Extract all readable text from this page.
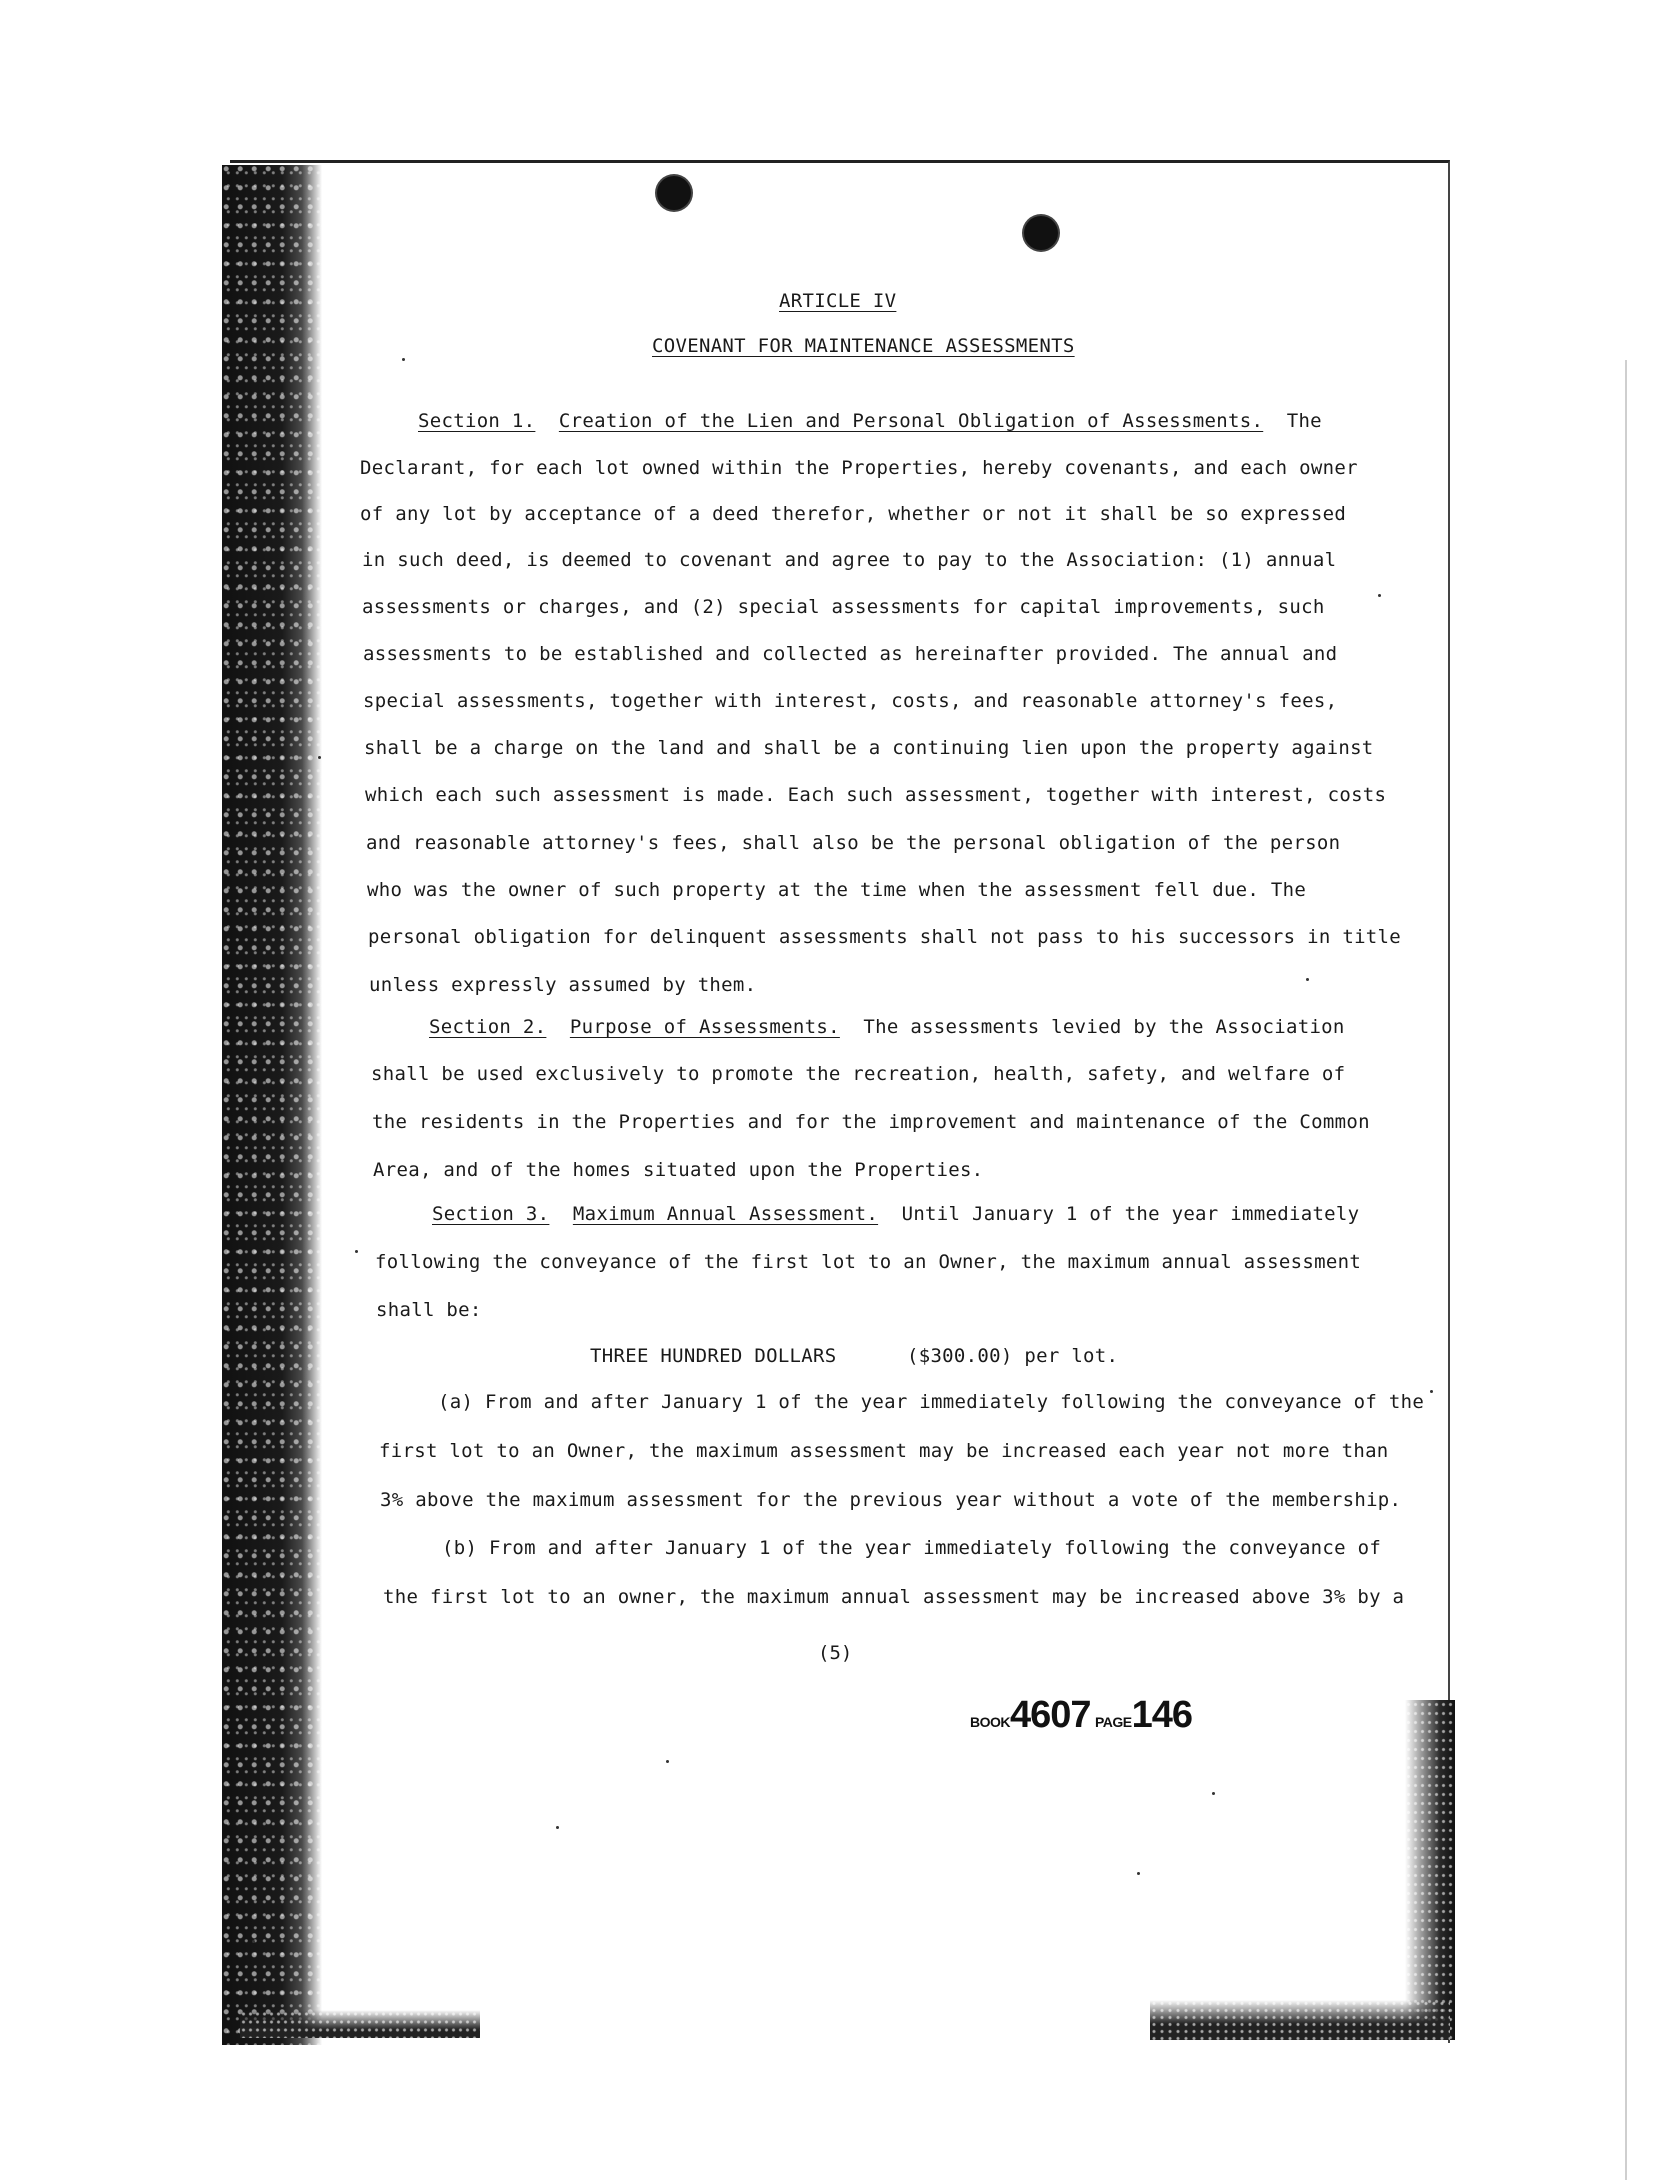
ARTICLE IV
COVENANT FOR MAINTENANCE ASSESSMENTS
Section 1. Creation of the Lien and Personal Obligation of Assessments. The
Declarant, for each lot owned within the Properties, hereby covenants, and each owner
of any lot by acceptance of a deed therefor, whether or not it shall be so expressed
in such deed, is deemed to covenant and agree to pay to the Association: (1) annual
assessments or charges, and (2) special assessments for capital improvements, such
assessments to be established and collected as hereinafter provided. The annual and
special assessments, together with interest, costs, and reasonable attorney's fees,
shall be a charge on the land and shall be a continuing lien upon the property against
which each such assessment is made. Each such assessment, together with interest, costs
and reasonable attorney's fees, shall also be the personal obligation of the person
who was the owner of such property at the time when the assessment fell due. The
personal obligation for delinquent assessments shall not pass to his successors in title
unless expressly assumed by them.
Section 2. Purpose of Assessments. The assessments levied by the Association
shall be used exclusively to promote the recreation, health, safety, and welfare of
the residents in the Properties and for the improvement and maintenance of the Common
Area, and of the homes situated upon the Properties.
Section 3. Maximum Annual Assessment. Until January 1 of the year immediately
following the conveyance of the first lot to an Owner, the maximum annual assessment
shall be:
THREE HUNDRED DOLLARS	($300.00) per lot.
(a) From and after January 1 of the year immediately following the conveyance of the
first lot to an Owner, the maximum assessment may be increased each year not more than
3% above the maximum assessment for the previous year without a vote of the membership.
(b) From and after January 1 of the year immediately following the conveyance of
the first lot to an owner, the maximum annual assessment may be increased above 3% by a
(5)
BOOK4607 PAGE146
